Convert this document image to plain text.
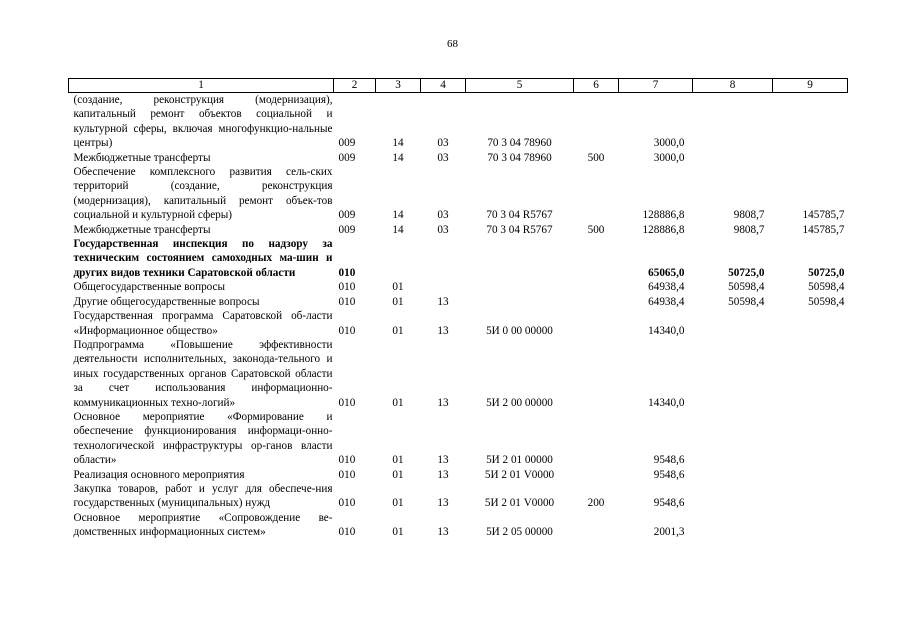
68
1	2	3	4	5	6	7	8	9
(создание, реконструкция (модернизация), капитальный ремонт объектов социальной и культурной сферы, включая многофункцио-нальные центры)	009	14	03	70 3 04 78960		3000,0		
Межбюджетные трансферты	009	14	03	70 3 04 78960	500	3000,0		
Обеспечение комплексного развития сель-ских территорий (создание, реконструкция (модернизация), капитальный ремонт объек-тов социальной и культурной сферы)	009	14	03	70 3 04 R5767		128886,8	9808,7	145785,7
Межбюджетные трансферты	009	14	03	70 3 04 R5767	500	128886,8	9808,7	145785,7
Государственная инспекция по надзору за техническим состоянием самоходных ма-шин и других видов техники Саратовской области	010					65065,0	50725,0	50725,0
Общегосударственные вопросы	010	01				64938,4	50598,4	50598,4
Другие общегосударственные вопросы	010	01	13			64938,4	50598,4	50598,4
Государственная программа Саратовской об-ласти «Информационное общество»	010	01	13	5И 0 00 00000		14340,0		
Подпрограмма «Повышение эффективности деятельности исполнительных, законода-тельного и иных государственных органов Саратовской области за счет использования информационно-коммуникационных техно-логий»	010	01	13	5И 2 00 00000		14340,0		
Основное мероприятие «Формирование и обеспечение функционирования информаци-онно-технологической инфраструктуры ор-ганов власти области»	010	01	13	5И 2 01 00000		9548,6		
Реализация основного мероприятия	010	01	13	5И 2 01 V0000		9548,6		
Закупка товаров, работ и услуг для обеспече-ния государственных (муниципальных) нужд	010	01	13	5И 2 01 V0000	200	9548,6		
Основное мероприятие «Сопровождение ве-домственных информационных систем»	010	01	13	5И 2 05 00000		2001,3		
